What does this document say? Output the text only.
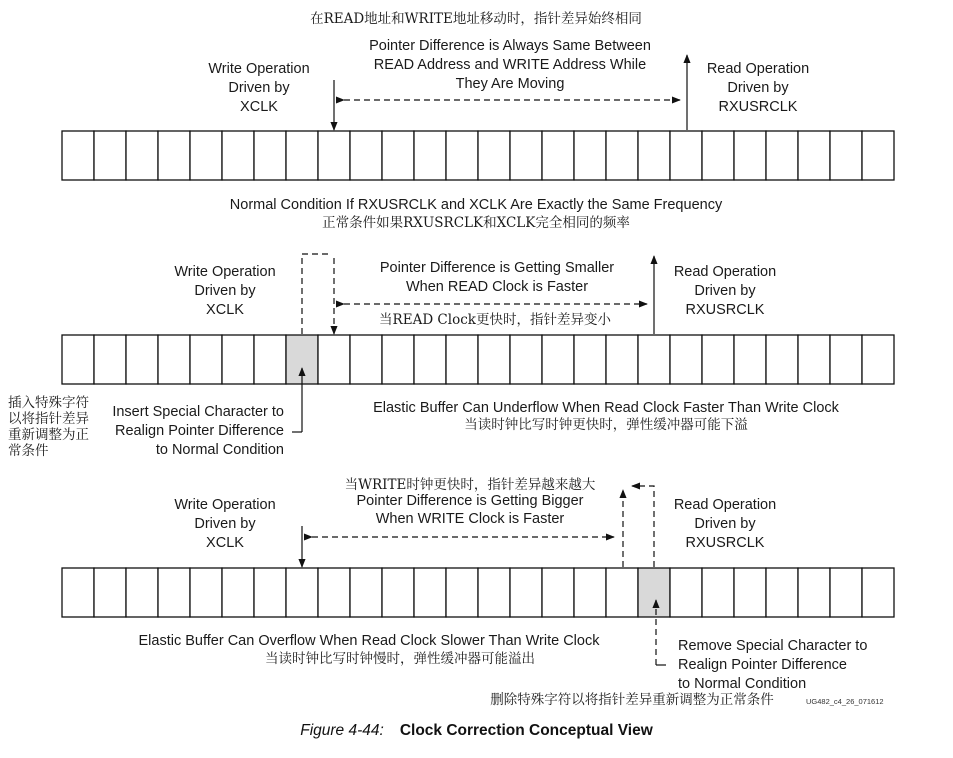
在READ地址和WRITE地址移动时，指针差异始终相同
Pointer Difference is Always Same Between
READ Address and WRITE Address While
They Are Moving
Write Operation
Driven by
XCLK
Read Operation
Driven by
RXUSRCLK
Normal Condition If RXUSRCLK and XCLK Are Exactly the Same Frequency
正常条件如果RXUSRCLK和XCLK完全相同的频率
Write Operation
Driven by
XCLK
Pointer Difference is Getting Smaller
When READ Clock is Faster
当READ Clock更快时，指针差异变小
Read Operation
Driven by
RXUSRCLK
插入特殊字符
以将指针差异
重新调整为正
常条件
Insert Special Character to
Realign Pointer Difference
to Normal Condition
Elastic Buffer Can Underflow When Read Clock Faster Than Write Clock
当读时钟比写时钟更快时，弹性缓冲器可能下溢
当WRITE时钟更快时，指针差异越来越大
Pointer Difference is Getting Bigger
When WRITE Clock is Faster
Write Operation
Driven by
XCLK
Read Operation
Driven by
RXUSRCLK
Elastic Buffer Can Overflow When Read Clock Slower Than Write Clock
当读时钟比写时钟慢时，弹性缓冲器可能溢出
Remove Special Character to
Realign Pointer Difference
to Normal Condition
删除特殊字符以将指针差异重新调整为正常条件	UG482_c4_26_071612
Figure 4-44: Clock Correction Conceptual View
